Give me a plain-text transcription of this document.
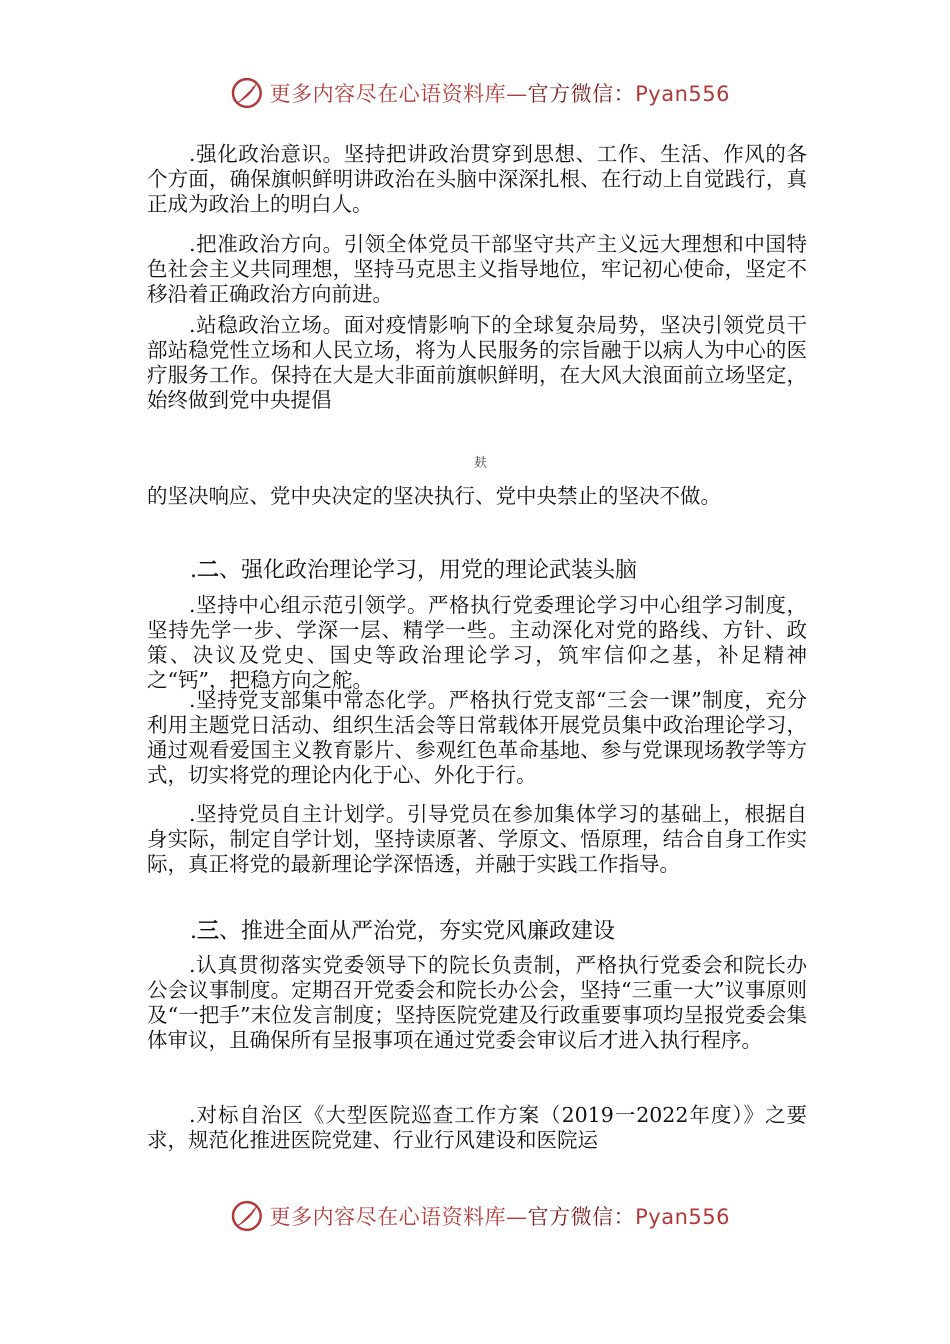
更多内容尽在心语资料库—官方微信：Pyan556

.强化政治意识。坚持把讲政治贯穿到思想、工作、生活、作风的各个方面，确保旗帜鲜明讲政治在头脑中深深扎根、在行动上自觉践行，真正成为政治上的明白人。

.把准政治方向。引领全体党员干部坚守共产主义远大理想和中国特色社会主义共同理想，坚持马克思主义指导地位，牢记初心使命，坚定不移沿着正确政治方向前进。

.站稳政治立场。面对疫情影响下的全球复杂局势，坚决引领党员干部站稳党性立场和人民立场，将为人民服务的宗旨融于以病人为中心的医疗服务工作。保持在大是大非面前旗帜鲜明，在大风大浪面前立场坚定，始终做到党中央提倡

麸

的坚决响应、党中央决定的坚决执行、党中央禁止的坚决不做。

.二、强化政治理论学习，用党的理论武装头脑

.坚持中心组示范引领学。严格执行党委理论学习中心组学习制度，坚持先学一步、学深一层、精学一些。主动深化对党的路线、方针、政策、决议及党史、国史等政治理论学习，筑牢信仰之基，补足精神之“钙”，把稳方向之舵。

.坚持党支部集中常态化学。严格执行党支部“三会一课”制度，充分利用主题党日活动、组织生活会等日常载体开展党员集中政治理论学习，通过观看爱国主义教育影片、参观红色革命基地、参与党课现场教学等方式，切实将党的理论内化于心、外化于行。

.坚持党员自主计划学。引导党员在参加集体学习的基础上，根据自身实际，制定自学计划，坚持读原著、学原文、悟原理，结合自身工作实际，真正将党的最新理论学深悟透，并融于实践工作指导。

.三、推进全面从严治党，夯实党风廉政建设

.认真贯彻落实党委领导下的院长负责制，严格执行党委会和院长办公会议事制度。定期召开党委会和院长办公会，坚持“三重一大”议事原则及“一把手”末位发言制度；坚持医院党建及行政重要事项均呈报党委会集体审议，且确保所有呈报事项在通过党委会审议后才进入执行程序。

.对标自治区《大型医院巡查工作方案（2019一2022年度）》之要求，规范化推进医院党建、行业行风建设和医院运

更多内容尽在心语资料库—官方微信：Pyan556
